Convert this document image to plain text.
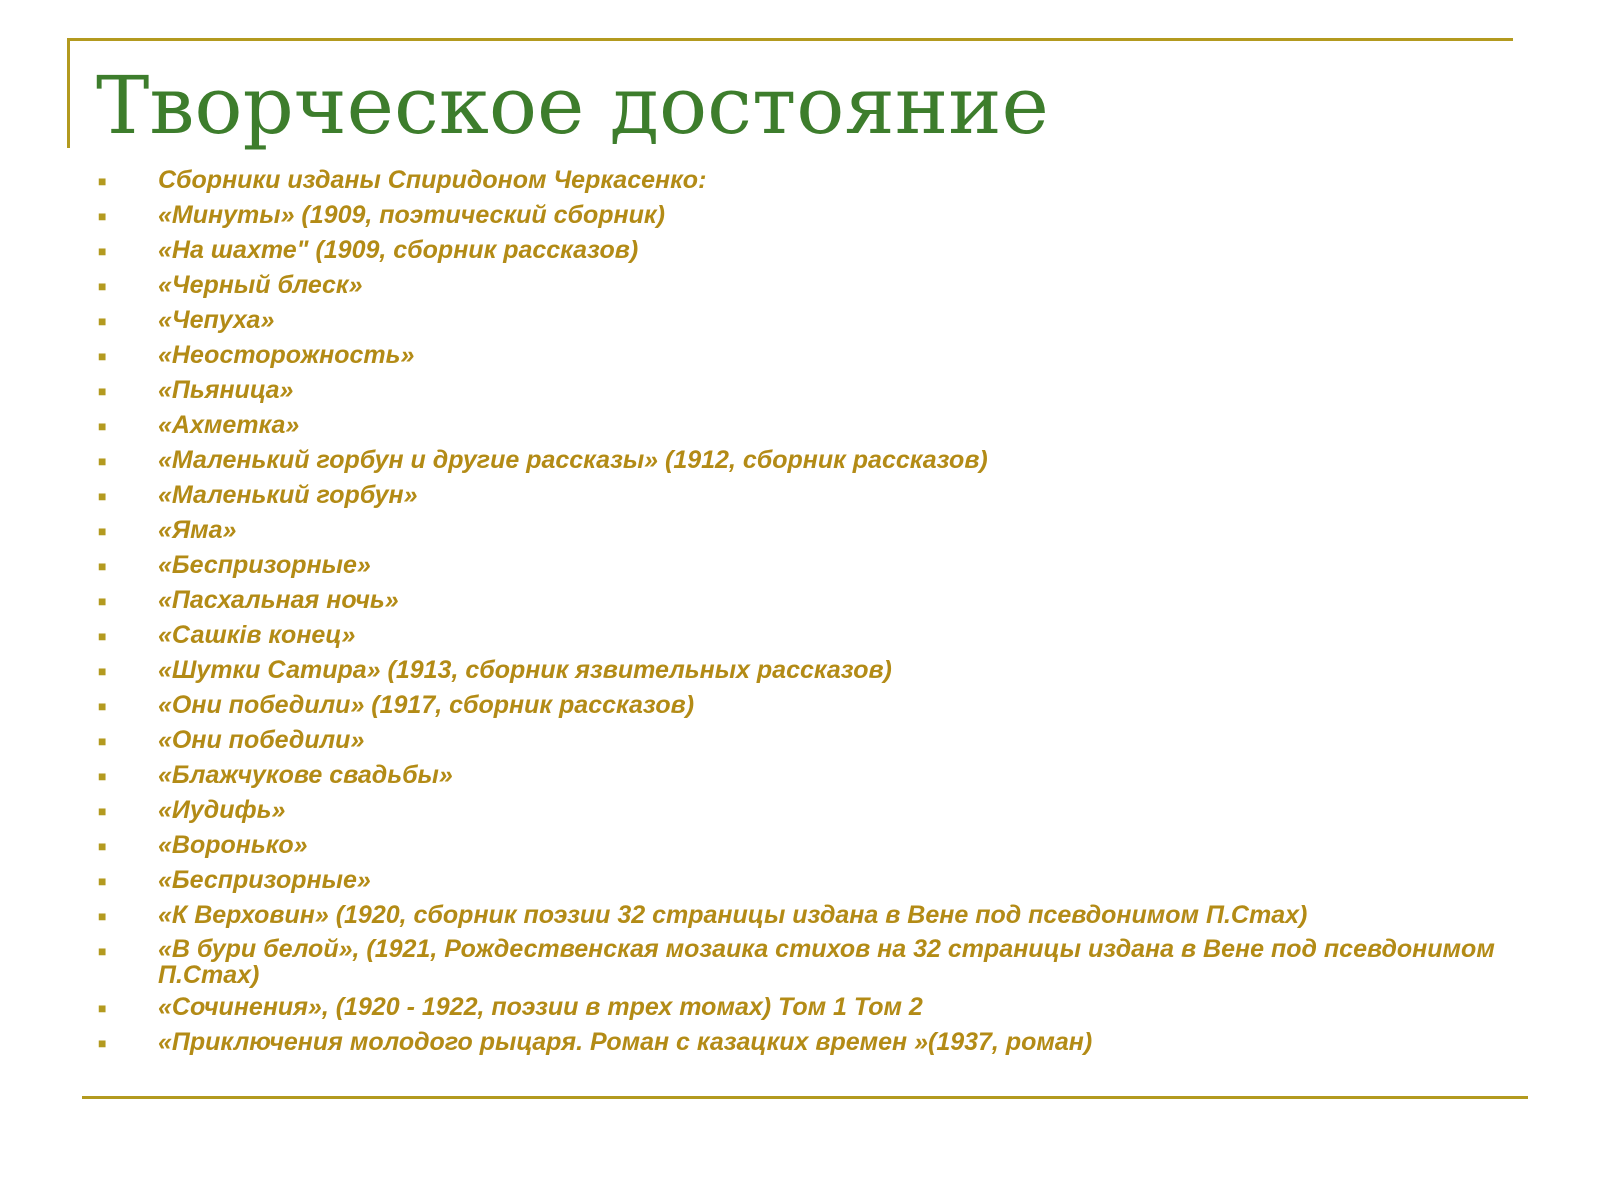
Творческое достояние
■	Сборники изданы Спиридоном Черкасенко:
■	«Минуты» (1909, поэтический сборник)
■	«На шахте" (1909, сборник рассказов)
■	«Черный блеск»
■	«Чепуха»
■	«Неосторожность»
■	«Пьяница»
■	«Ахметка»
■	«Маленький горбун и другие рассказы» (1912, сборник рассказов)
■	«Маленький горбун»
■	«Яма»
■	«Беспризорные»
■	«Пасхальная ночь»
■	«Сашків конец»
■	«Шутки Сатира» (1913, сборник язвительных рассказов)
■	«Они победили» (1917, сборник рассказов)
■	«Они победили»
■	«Блажчукове свадьбы»
■	«Иудифь»
■	«Воронько»
■	«Беспризорные»
■	«К Верховин» (1920, сборник поэзии 32 страницы издана в Вене под псевдонимом П.Стах)
■	«В бури белой», (1921, Рождественская мозаика стихов на 32 страницы издана в Вене под псевдонимом П.Стах)
■	«Сочинения», (1920 - 1922, поэзии в трех томах) Том 1 Том 2
■	«Приключения молодого рыцаря. Роман с казацких времен »(1937, роман)
